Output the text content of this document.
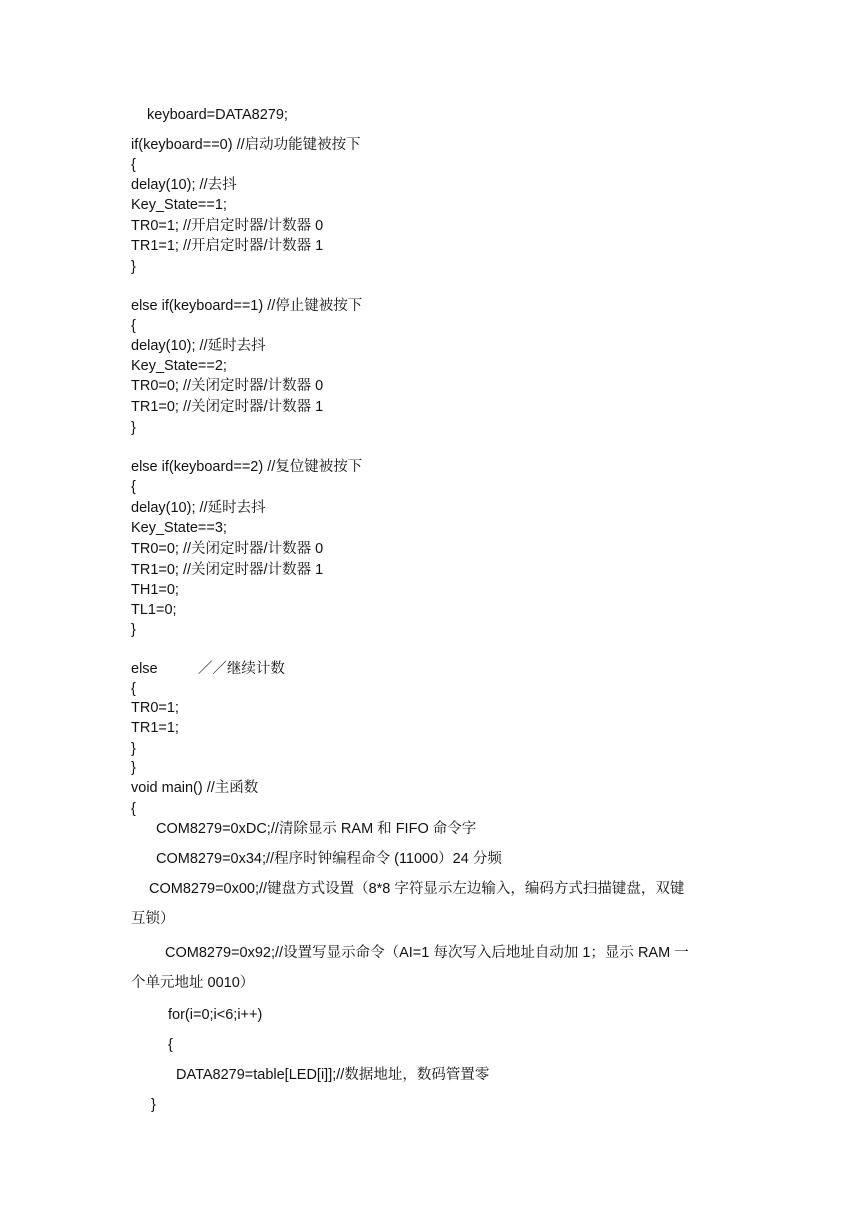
keyboard=DATA8279;
if(keyboard==0) //启动功能键被按下
{
delay(10); //去抖
Key_State==1;
TR0=1; //开启定时器/计数器 0
TR1=1; //开启定时器/计数器 1
}
else if(keyboard==1) //停止键被按下
{
delay(10); //延时去抖
Key_State==2;
TR0=0; //关闭定时器/计数器 0
TR1=0; //关闭定时器/计数器 1
}
else if(keyboard==2) //复位键被按下
{
delay(10); //延时去抖
Key_State==3;
TR0=0; //关闭定时器/计数器 0
TR1=0; //关闭定时器/计数器 1
TH1=0;
TL1=0;
}
else          ／／继续计数
{
TR0=1;
TR1=1;
}
}
void main() //主函数
{
COM8279=0xDC;//清除显示 RAM 和 FIFO 命令字
COM8279=0x34;//程序时钟编程命令 (11000）24 分频
COM8279=0x00;//键盘方式设置（8*8 字符显示左边输入，编码方式扫描键盘，双键
互锁）
COM8279=0x92;//设置写显示命令（AI=1 每次写入后地址自动加 1；显示 RAM 一
个单元地址 0010）
for(i=0;i<6;i++)
{
DATA8279=table[LED[i]];//数据地址，数码管置零
}
